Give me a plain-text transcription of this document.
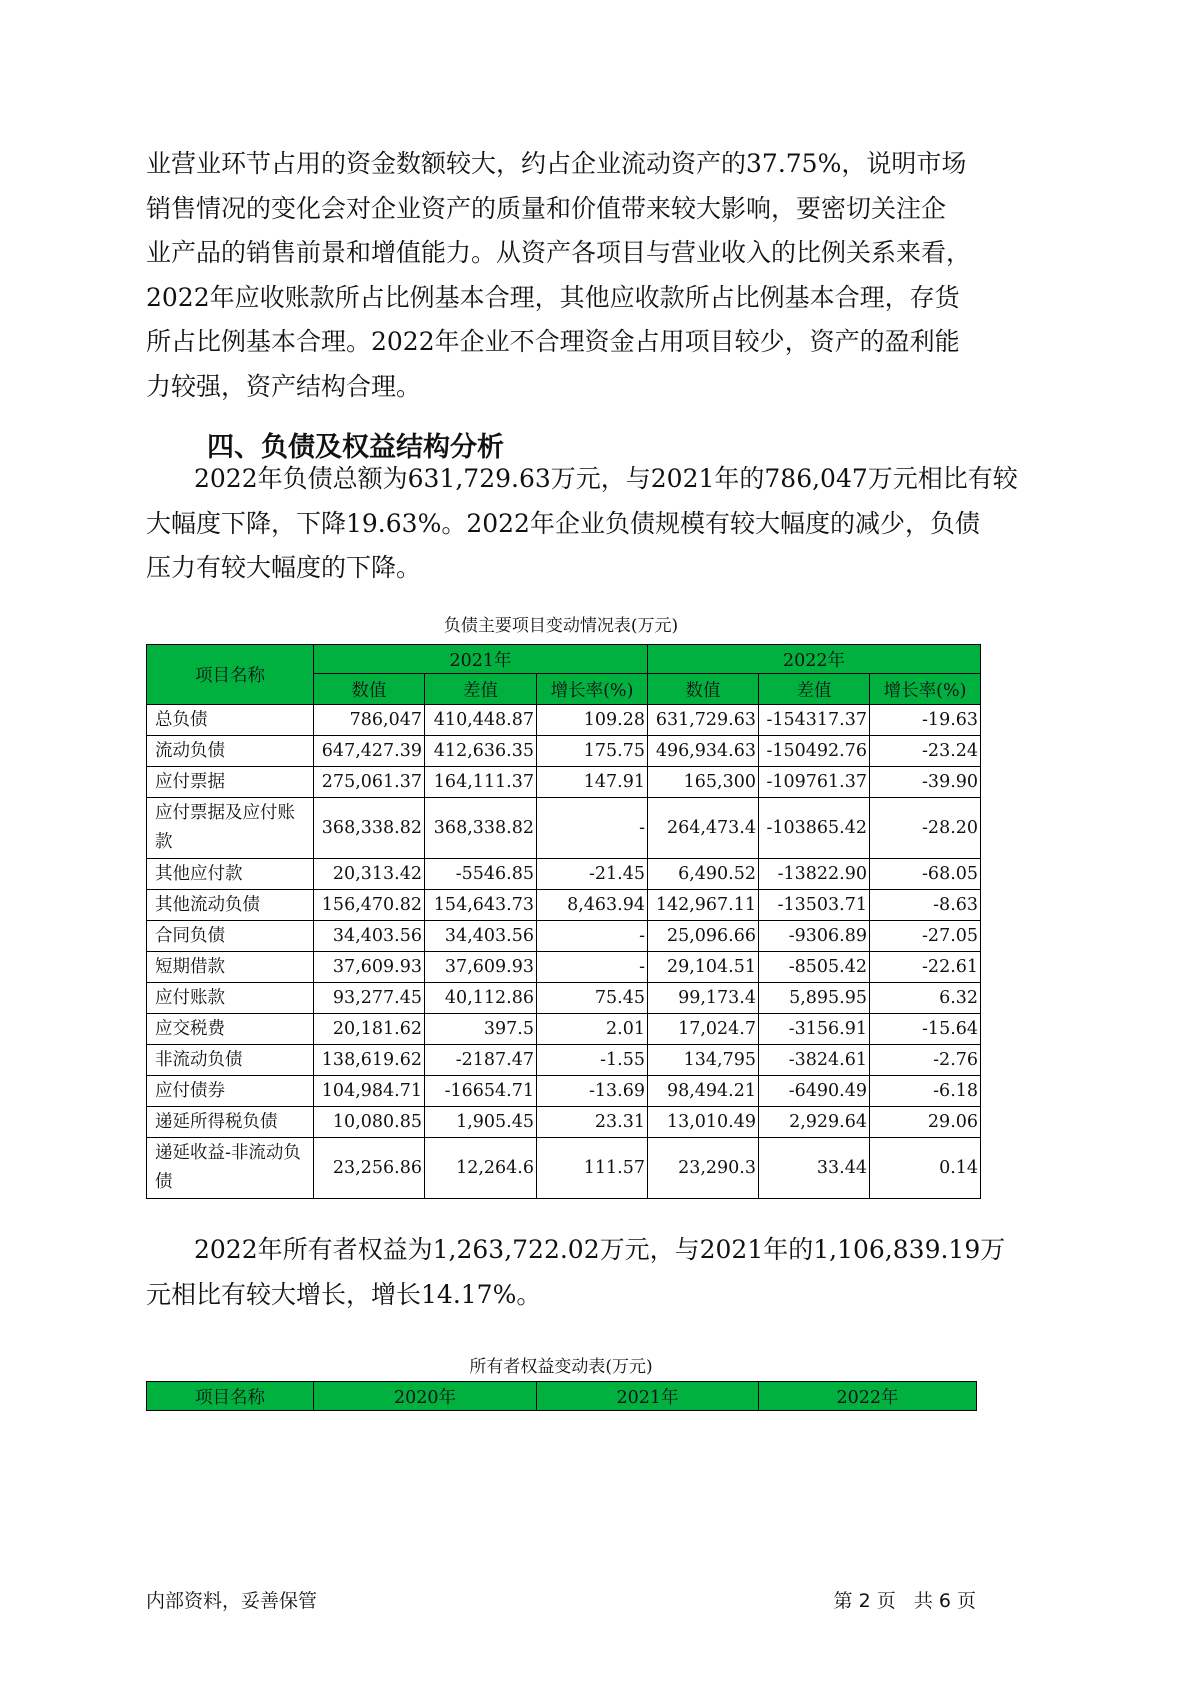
业营业环节占用的资金数额较大，约占企业流动资产的37.75%，说明市场
销售情况的变化会对企业资产的质量和价值带来较大影响，要密切关注企
业产品的销售前景和增值能力。从资产各项目与营业收入的比例关系来看，
2022年应收账款所占比例基本合理，其他应收款所占比例基本合理，存货
所占比例基本合理。2022年企业不合理资金占用项目较少，资产的盈利能
力较强，资产结构合理。
四、负债及权益结构分析
2022年负债总额为631,729.63万元，与2021年的786,047万元相比有较
大幅度下降，下降19.63%。2022年企业负债规模有较大幅度的减少，负债
压力有较大幅度的下降。
负债主要项目变动情况表(万元)
项目名称	2021年			2022年		
	数值	差值	增长率(%)	数值	差值	增长率(%)
总负债	786,047	410,448.87	109.28	631,729.63	-154317.37	-19.63
流动负债	647,427.39	412,636.35	175.75	496,934.63	-150492.76	-23.24
应付票据	275,061.37	164,111.37	147.91	165,300	-109761.37	-39.90
应付票据及应付账款	368,338.82	368,338.82	-	264,473.4	-103865.42	-28.20
其他应付款	20,313.42	-5546.85	-21.45	6,490.52	-13822.90	-68.05
其他流动负债	156,470.82	154,643.73	8,463.94	142,967.11	-13503.71	-8.63
合同负债	34,403.56	34,403.56	-	25,096.66	-9306.89	-27.05
短期借款	37,609.93	37,609.93	-	29,104.51	-8505.42	-22.61
应付账款	93,277.45	40,112.86	75.45	99,173.4	5,895.95	6.32
应交税费	20,181.62	397.5	2.01	17,024.7	-3156.91	-15.64
非流动负债	138,619.62	-2187.47	-1.55	134,795	-3824.61	-2.76
应付债券	104,984.71	-16654.71	-13.69	98,494.21	-6490.49	-6.18
递延所得税负债	10,080.85	1,905.45	23.31	13,010.49	2,929.64	29.06
递延收益-非流动负债	23,256.86	12,264.6	111.57	23,290.3	33.44	0.14
2022年所有者权益为1,263,722.02万元，与2021年的1,106,839.19万
元相比有较大增长，增长14.17%。
所有者权益变动表(万元)
项目名称	2020年	2021年	2022年
内部资料，妥善保管	第 2 页   共 6 页
